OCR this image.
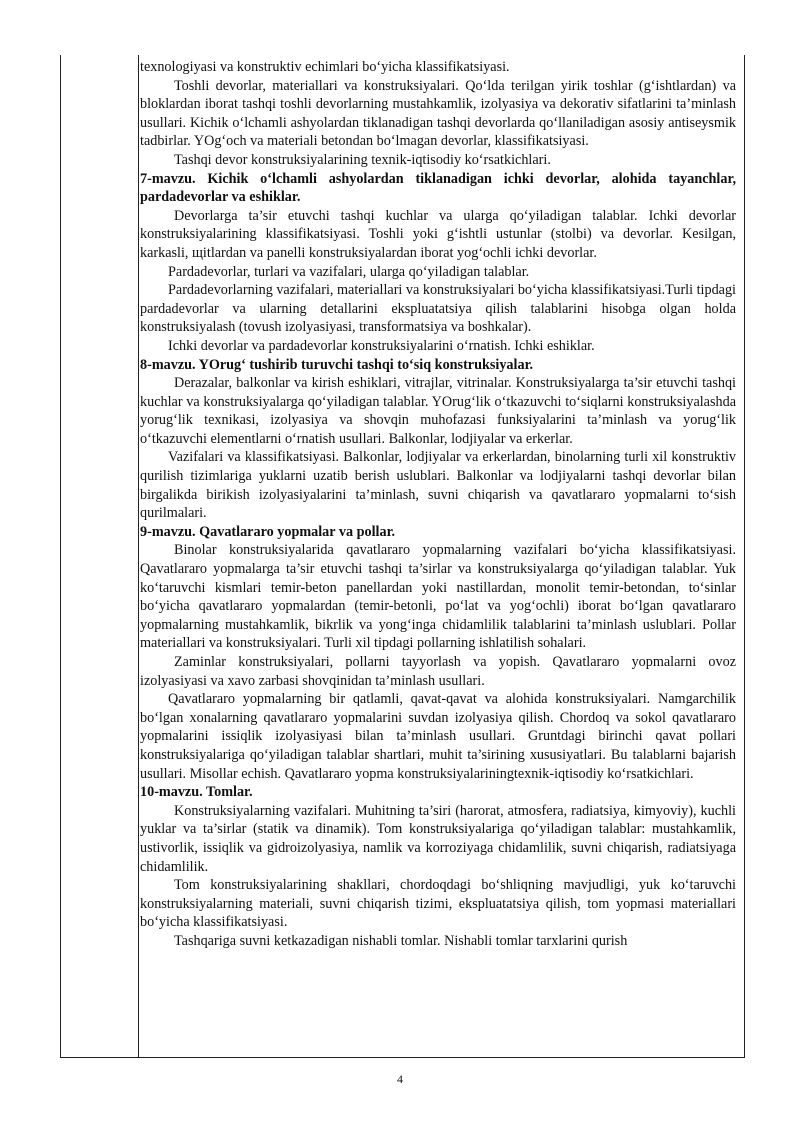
texnologiyasi va konstruktiv echimlari bo‘yicha klassifikatsiyasi.

Toshli devorlar, materiallari va konstruksiyalari. Qo‘lda terilgan yirik toshlar (g‘ishtlardan) va bloklardan iborat tashqi toshli devorlarning mustahkamlik, izolyasiya va dekorativ sifatlarini ta’minlash usullari. Kichik o‘lchamli ashyolardan tiklanadigan tashqi devorlarda qo‘llaniladigan asosiy antiseysmik tadbirlar. YOg‘och va materiali betondan bo‘lmagan devorlar, klassifikatsiyasi.

Tashqi devor konstruksiyalarining texnik-iqtisodiy ko‘rsatkichlari.

7-mavzu. Kichik o‘lchamli ashyolardan tiklanadigan ichki devorlar, alohida tayanchlar, pardadevorlar va eshiklar.

Devorlarga ta’sir etuvchi tashqi kuchlar va ularga qo‘yiladigan talablar. Ichki devorlar konstruksiyalarining klassifikatsiyasi. Toshli yoki g‘ishtli ustunlar (stolbi) va devorlar. Kesilgan, karkasli, щitlardan va panelli konstruksiyalardan iborat yog‘ochli ichki devorlar.

Pardadevorlar, turlari va vazifalari, ularga qo‘yiladigan talablar.

Pardadevorlarning vazifalari, materiallari va konstruksiyalari bo‘yicha klassifikatsiyasi.Turli tipdagi pardadevorlar va ularning detallarini ekspluatatsiya qilish talablarini hisobga olgan holda konstruksiyalash (tovush izolyasiyasi, transformatsiya va boshkalar).

Ichki devorlar va pardadevorlar konstruksiyalarini o‘rnatish. Ichki eshiklar.

8-mavzu. YOrug‘ tushirib turuvchi tashqi to‘siq konstruksiyalar.

Derazalar, balkonlar va kirish eshiklari, vitrajlar, vitrinalar. Konstruksiyalarga ta’sir etuvchi tashqi kuchlar va konstruksiyalarga qo‘yiladigan talablar. YOrug‘lik o‘tkazuvchi to‘siqlarni konstruksiyalashda yorug‘lik texnikasi, izolyasiya va shovqin muhofazasi funksiyalarini ta’minlash va yorug‘lik o‘tkazuvchi elementlarni o‘rnatish usullari. Balkonlar, lodjiyalar va erkerlar.

Vazifalari va klassifikatsiyasi. Balkonlar, lodjiyalar va erkerlardan, binolarning turli xil konstruktiv qurilish tizimlariga yuklarni uzatib berish uslublari. Balkonlar va lodjiyalarni tashqi devorlar bilan birgalikda birikish izolyasiyalarini ta’minlash, suvni chiqarish va qavatlararo yopmalarni to‘sish qurilmalari.

9-mavzu. Qavatlararo yopmalar va pollar.

Binolar konstruksiyalarida qavatlararo yopmalarning vazifalari bo‘yicha klassifikatsiyasi. Qavatlararo yopmalarga ta’sir etuvchi tashqi ta’sirlar va konstruksiyalarga qo‘yiladigan talablar. Yuk ko‘taruvchi kismlari temir-beton panellardan yoki nastillardan, monolit temir-betondan, to‘sinlar bo‘yicha qavatlararo yopmalardan (temir-betonli, po‘lat va yog‘ochli) iborat bo‘lgan qavatlararo yopmalarning mustahkamlik, bikrlik va yong‘inga chidamlilik talablarini ta’minlash uslublari. Pollar materiallari va konstruksiyalari. Turli xil tipdagi pollarning ishlatilish sohalari.

Zaminlar konstruksiyalari, pollarni tayyorlash va yopish. Qavatlararo yopmalarni ovoz izolyasiyasi va xavo zarbasi shovqinidan ta’minlash usullari.

Qavatlararo yopmalarning bir qatlamli, qavat-qavat va alohida konstruksiyalari. Namgarchilik bo‘lgan xonalarning qavatlararo yopmalarini suvdan izolyasiya qilish. Chordoq va sokol qavatlararo yopmalarini issiqlik izolyasiyasi bilan ta’minlash usullari. Gruntdagi birinchi qavat pollari konstruksiyalariga qo‘yiladigan talablar shartlari, muhit ta’sirining xususiyatlari. Bu talablarni bajarish usullari. Misollar echish. Qavatlararo yopma konstruksiyalariningtexnik-iqtisodiy ko‘rsatkichlari.

10-mavzu. Tomlar.

Konstruksiyalarning vazifalari. Muhitning ta’siri (harorat, atmosfera, radiatsiya, kimyoviy), kuchli yuklar va ta’sirlar (statik va dinamik). Tom konstruksiyalariga qo‘yiladigan talablar: mustahkamlik, ustivorlik, issiqlik va gidroizolyasiya, namlik va korroziyaga chidamlilik, suvni chiqarish, radiatsiyaga chidamlilik.

Tom konstruksiyalarining shakllari, chordoqdagi bo‘shliqning mavjudligi, yuk ko‘taruvchi konstruksiyalarning materiali, suvni chiqarish tizimi, ekspluatatsiya qilish, tom yopmasi materiallari bo‘yicha klassifikatsiyasi.

Tashqariga suvni ketkazadigan nishabli tomlar. Nishabli tomlar tarxlarini qurish

4
